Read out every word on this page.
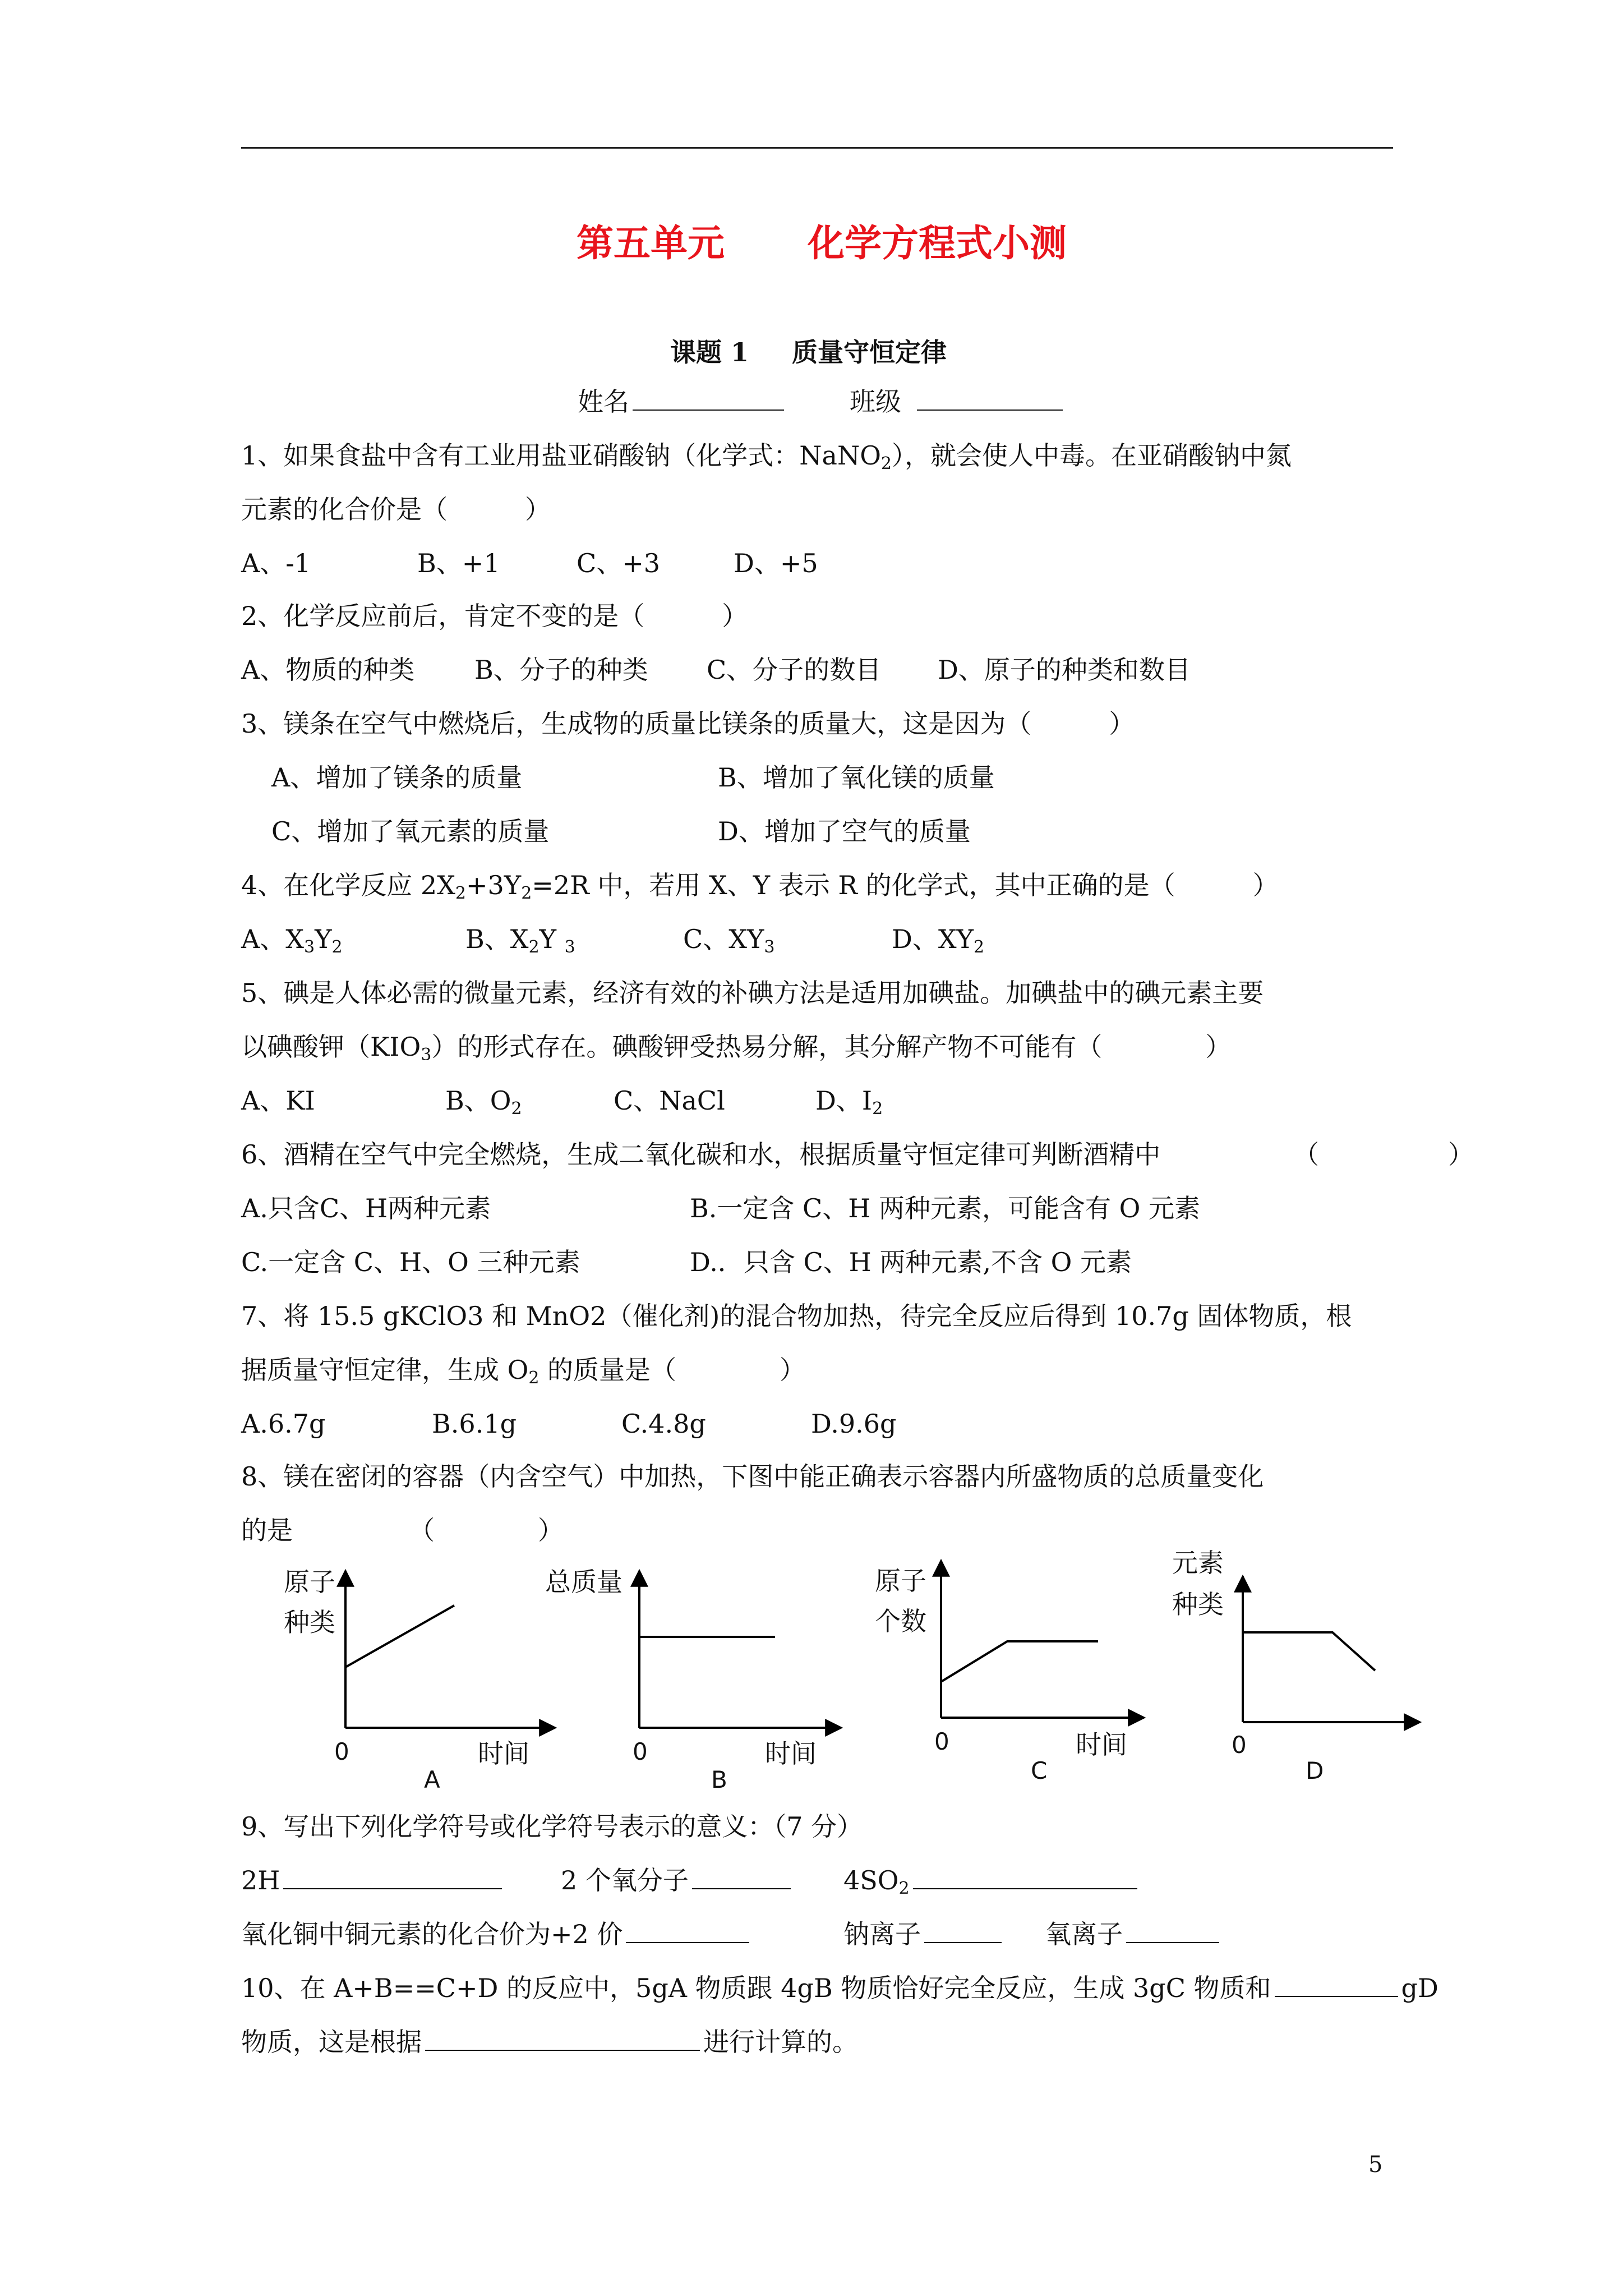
第五单元 化学方程式小测
课题 1 质量守恒定律
姓名	班级
1、如果食盐中含有工业用盐亚硝酸钠（化学式：NaNO$_2$），就会使人中毒。在亚硝酸钠中氮
元素的化合价是（　　　）
A、-1	B、+1	C、+3	D、+5
2、化学反应前后，肯定不变的是（　　　）
A、物质的种类 B、分子的种类 C、分子的数目 D、原子的种类和数目
3、镁条在空气中燃烧后，生成物的质量比镁条的质量大，这是因为（　　　）
A、增加了镁条的质量	B、增加了氧化镁的质量
C、增加了氧元素的质量	D、增加了空气的质量
4、在化学反应 $2X_2+3Y_2=2R$ 中，若用 X、Y 表示 R 的化学式，其中正确的是（　　　）
A、$X_3Y_2$	B、$X_2Y$ $_3$	C、$XY_3$	D、$XY_2$
5、碘是人体必需的微量元素，经济有效的补碘方法是适用加碘盐。加碘盐中的碘元素主要
以碘酸钾$(KIO_3)$的形式存在。碘酸钾受热易分解，其分解产物不可能有（　　　　）
A、KI	B、$O_2$	C、NaCl	D、$I_2$
6、酒精在空气中完全燃烧，生成二氧化碳和水，根据质量守恒定律可判断酒精中	（　　　　　）
A.只含C、H两种元素	B.一定含 C、H 两种元素，可能含有 O 元素
C.一定含 C、H、O 三种元素	D.．只含 C、H 两种元素,不含 O 元素
7、将 15.5 gKClO3 和 MnO2（催化剂)的混合物加热，待完全反应后得到 10.7g 固体物质，根
据质量守恒定律，生成 $O_2$ 的质量是（　　　　）
A.6.7g	B.6.1g	C.4.8g	D.9.6g
8、镁在密闭的容器（内含空气）中加热，下图中能正确表示容器内所盛物质的总质量变化
的是　　　　　（　　　　）
原子
种类
0	时间
A
总质量
0	时间
B
原子
个数
0	时间
C
元素
种类
0
D
9、写出下列化学符号或化学符号表示的意义：（7 分）
2H	2 个氧分子	$4SO_2$
氧化铜中铜元素的化合价为+2 价	钠离子	氧离子
10、在 A+B==C+D 的反应中，5gA 物质跟 4gB 物质恰好完全反应，生成 3gC 物质和	gD
物质，这是根据	进行计算的。
5
